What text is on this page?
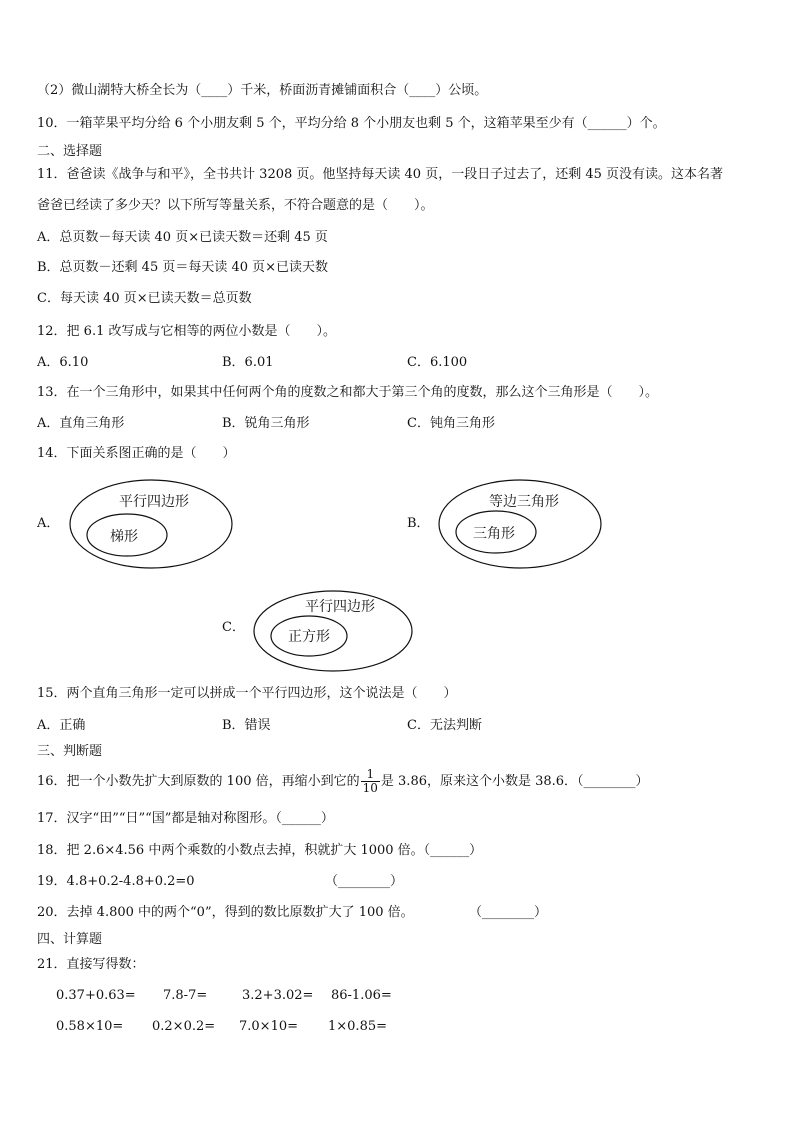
（2）微山湖特大桥全长为（____）千米，桥面沥青摊铺面积合（____）公顷。
10．一箱苹果平均分给 6 个小朋友剩 5 个，平均分给 8 个小朋友也剩 5 个，这箱苹果至少有（______）个。
二、选择题
11．爸爸读《战争与和平》，全书共计 3208 页。他坚持每天读 40 页，一段日子过去了，还剩 45 页没有读。这本名著
爸爸已经读了多少天？以下所写等量关系，不符合题意的是（　　）。
A．总页数－每天读 40 页×已读天数＝还剩 45 页
B．总页数－还剩 45 页＝每天读 40 页×已读天数
C．每天读 40 页×已读天数＝总页数
12．把 6.1 改写成与它相等的两位小数是（　　）。
A．6.10	B．6.01	C．6.100
13．在一个三角形中，如果其中任何两个角的度数之和都大于第三个角的度数，那么这个三角形是（　　）。
A．直角三角形	B．锐角三角形	C．钝角三角形
14．下面关系图正确的是（　　）
A．
平行四边形
梯形
B．
等边三角形
三角形
C．
平行四边形
正方形
15．两个直角三角形一定可以拼成一个平行四边形，这个说法是（　　）
A．正确	B．错误	C．无法判断
三、判断题
16．把一个小数先扩大到原数的 100 倍，再缩小到它的 $\frac{1}{10}$ 是 3.86，原来这个小数是 38.6．（________）
17．汉字“田”“日”“国”都是轴对称图形。（______）
18．把 2.6×4.56 中两个乘数的小数点去掉，积就扩大 1000 倍。（______）
19．4.8+0.2-4.8+0.2=0	（________）
20．去掉 4.800 中的两个“0”，得到的数比原数扩大了 100 倍。	（________）
四、计算题
21．直接写得数：
0.37+0.63= 7.8-7=	3.2+3.02= 86-1.06=
0.58×10= 0.2×0.2= 7.0×10= 1×0.85=
